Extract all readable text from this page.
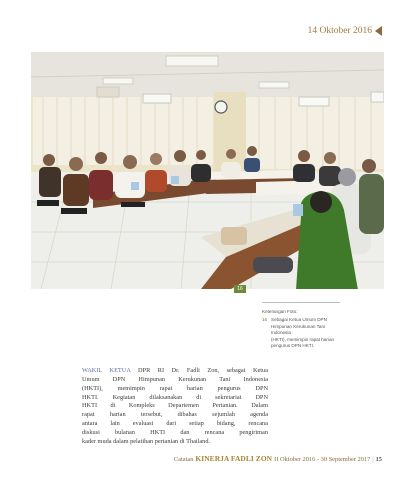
14 Oktober 2016
16
Keterangan Foto:
16 Sebagai Ketua Umum DPN
Himpunan Kerukunan Tani Indonesia
(HKTI), memimpin rapat harian
pengurus DPN HKTI.
WAKIL KETUA DPR RI Dr. Fadli Zon, sebagai Ketua
Umum DPN Himpunan Kerukunan Tani Indonesia
(HKTI), memimpin rapat harian pengurus DPN
HKTI. Kegiatan dilaksanakan di sekretariat DPN
HKTI di Kompleks Departemen Pertanian. Dalam
rapat harian tersebut, dibahas sejumlah agenda
antara lain evaluasi dari setiap bidang, rencana
diskusi bulanan HKTI dan rencana pengiriman
kader muda dalam pelatihan pertanian di Thailand.
Catatan KINERJA FADLI ZON II Oktober 2016 - 30 September 2017 | 15
